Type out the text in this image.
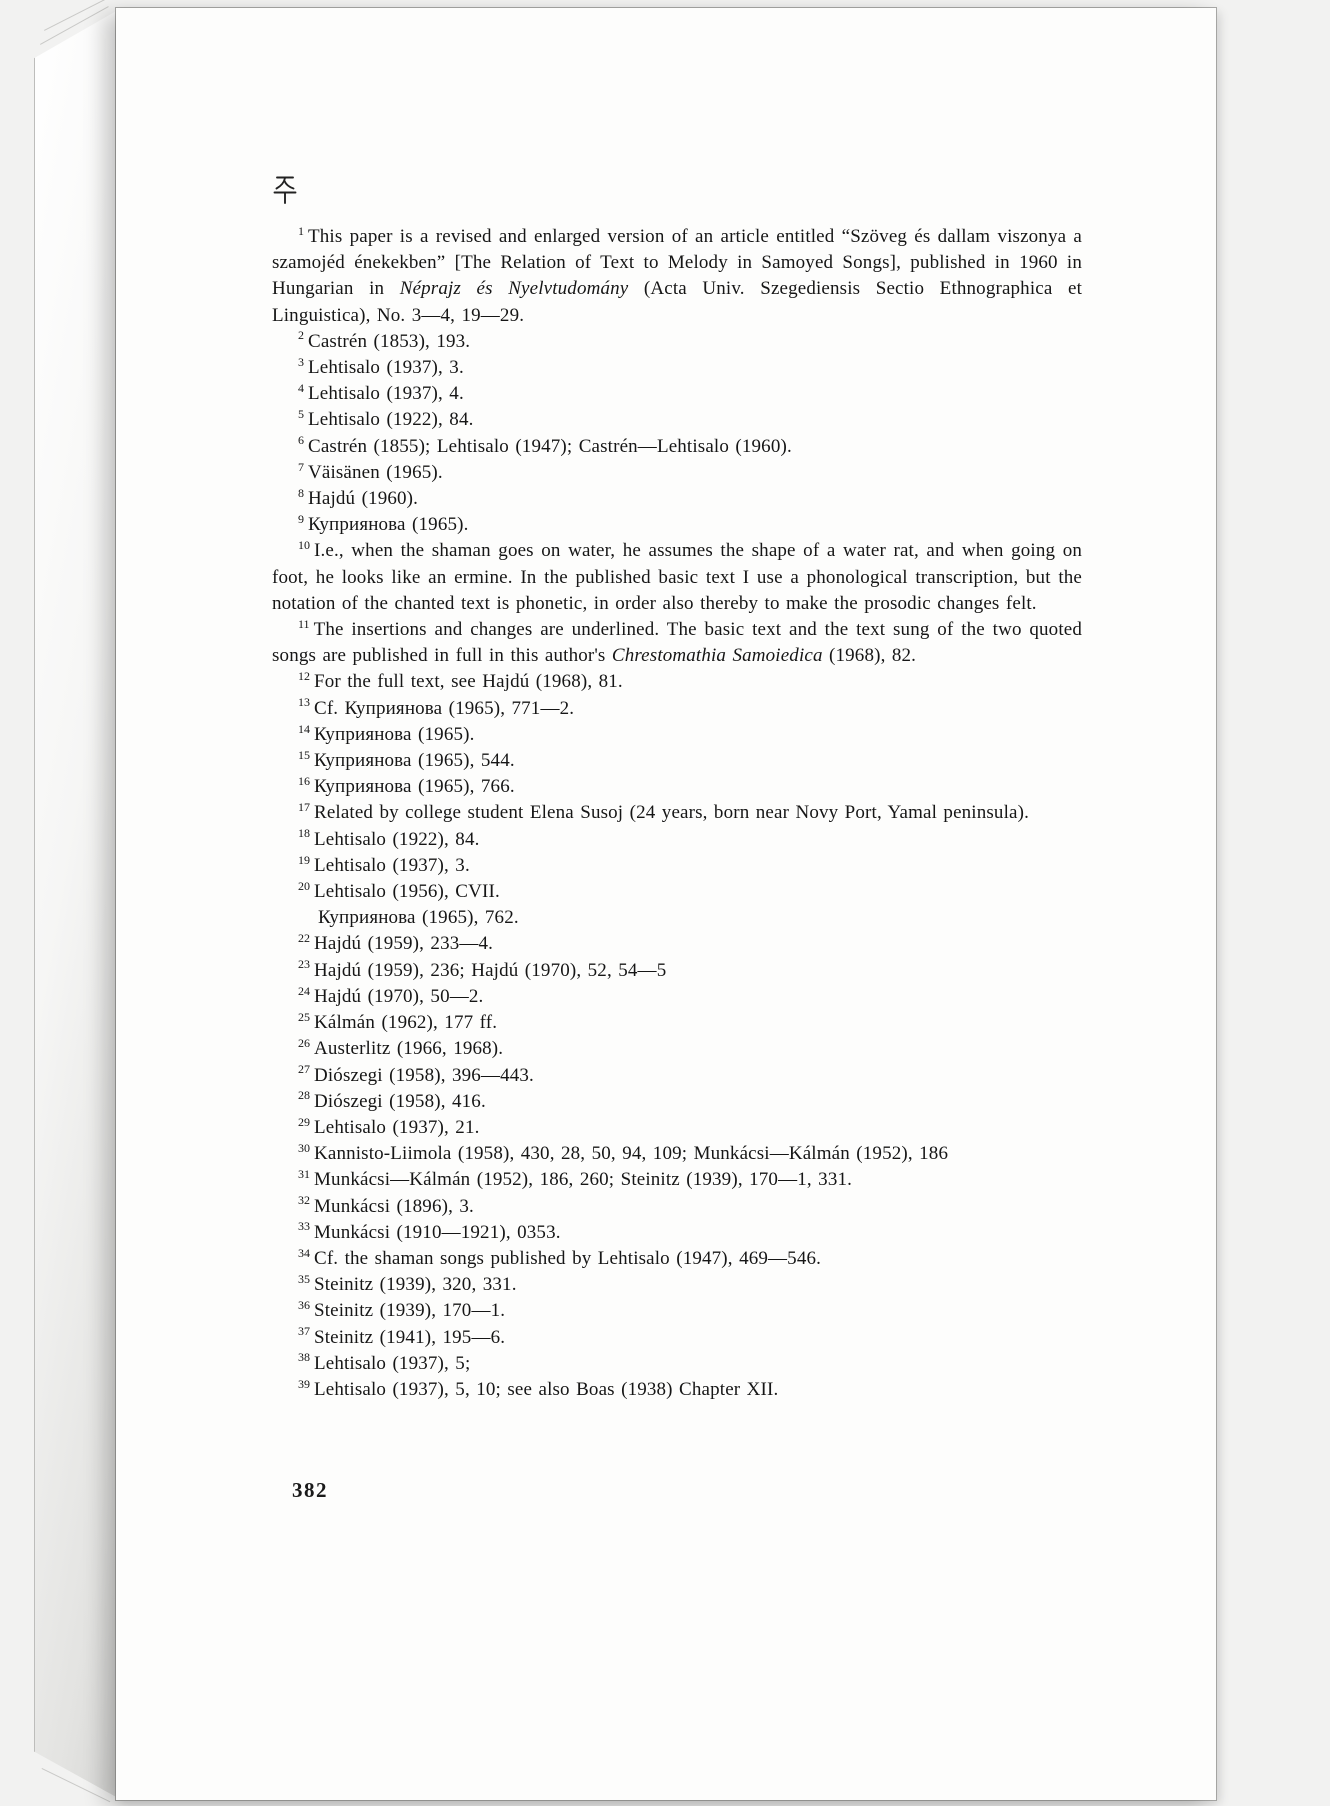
$^1$ This paper is a revised and enlarged version of an article entitled “Szöveg és dallam viszonya a szamojéd énekekben” [The Relation of Text to Melody in Samoyed Songs], published in 1960 in Hungarian in Néprajz és Nyelvtudomány (Acta Univ. Szegediensis Sectio Ethnographica et Linguistica), No. 3—4, 19—29.

$^2$ Castrén (1853), 193.

$^3$ Lehtisalo (1937), 3.

$^4$ Lehtisalo (1937), 4.

$^5$ Lehtisalo (1922), 84.

$^6$ Castrén (1855); Lehtisalo (1947); Castrén—Lehtisalo (1960).

$^7$ Väisänen (1965).

$^8$ Hajdú (1960).

$^9$ Куприянова (1965).

$^{10}$ I.e., when the shaman goes on water, he assumes the shape of a water rat, and when going on foot, he looks like an ermine. In the published basic text I use a phonological transcription, but the notation of the chanted text is phonetic, in order also thereby to make the prosodic changes felt.

$^{11}$ The insertions and changes are underlined. The basic text and the text sung of the two quoted songs are published in full in this author's Chrestomathia Samoiedica (1968), 82.

$^{12}$ For the full text, see Hajdú (1968), 81.

$^{13}$ Cf. Куприянова (1965), 771—2.

$^{14}$ Куприянова (1965).

$^{15}$ Куприянова (1965), 544.

$^{16}$ Куприянова (1965), 766.

$^{17}$ Related by college student Elena Susoj (24 years, born near Novy Port, Yamal peninsula).

$^{18}$ Lehtisalo (1922), 84.

$^{19}$ Lehtisalo (1937), 3.

$^{20}$ Lehtisalo (1956), CVII.

Куприянова (1965), 762.

$^{22}$ Hajdú (1959), 233—4.

$^{23}$ Hajdú (1959), 236; Hajdú (1970), 52, 54—5

$^{24}$ Hajdú (1970), 50—2.

$^{25}$ Kálmán (1962), 177 ff.

$^{26}$ Austerlitz (1966, 1968).

$^{27}$ Diószegi (1958), 396—443.

$^{28}$ Diószegi (1958), 416.

$^{29}$ Lehtisalo (1937), 21.

$^{30}$ Kannisto-Liimola (1958), 430, 28, 50, 94, 109; Munkácsi—Kálmán (1952), 186

$^{31}$ Munkácsi—Kálmán (1952), 186, 260; Steinitz (1939), 170—1, 331.

$^{32}$ Munkácsi (1896), 3.

$^{33}$ Munkácsi (1910—1921), 0353.

$^{34}$ Cf. the shaman songs published by Lehtisalo (1947), 469—546.

$^{35}$ Steinitz (1939), 320, 331.

$^{36}$ Steinitz (1939), 170—1.

$^{37}$ Steinitz (1941), 195—6.

$^{38}$ Lehtisalo (1937), 5;

$^{39}$ Lehtisalo (1937), 5, 10; see also Boas (1938) Chapter XII.

382
